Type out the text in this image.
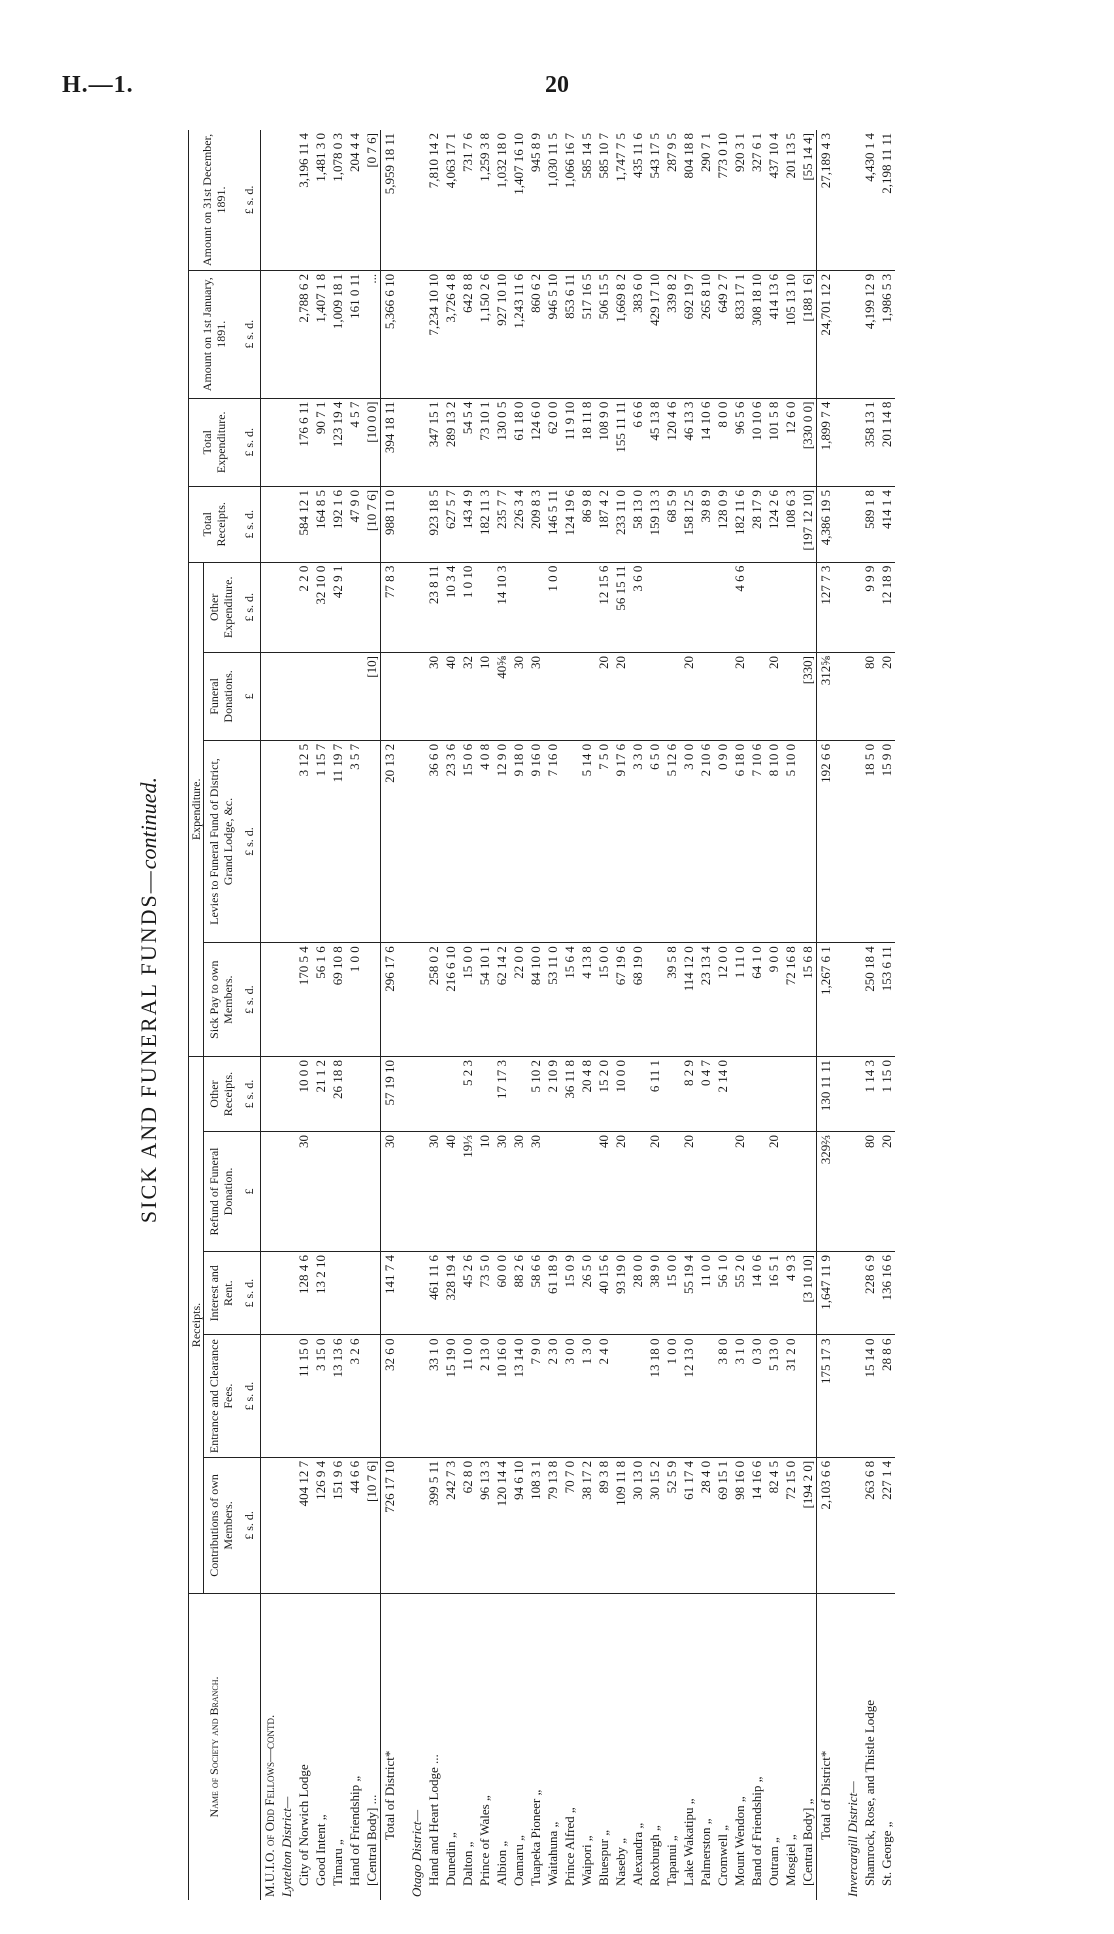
H.—1.	20
SICK AND FUNERAL FUNDS—continued.
Name of Society and Branch.	Receipts.					Expenditure.				Total Receipts.	Total Expenditure.	Amount on 1st January, 1891.	Amount on 31st December, 1891.
	Contributions of own Members.	Entrance and Clearance Fees.	Interest and Rent.	Refund of Funeral Donation.	Other Receipts.	Sick Pay to own Members.	Levies to Funeral Fund of District, Grand Lodge, &c.	Funeral Donations.	Other Expenditure.				
	£ s. d.	£ s. d.	£ s. d.	£	£ s. d.	£ s. d.	£ s. d.	£	£ s. d.	£ s. d.	£ s. d.	£ s. d.	£ s. d.
M.U.I.O. of Odd Fellows—contd.													
Lyttelton District—													
City of Norwich Lodge	404 12 7	11 15 0	128 4 6	30	10 0 0	170 5 4	3 12 5		2 2 0	584 12 1	176 6 11	2,788 6 2	3,196 11 4
Good Intent „	126 9 4	3 15 0	13 2 10		21 1 2	56 1 6	1 15 7		32 10 0	164 8 5	90 7 1	1,407 1 8	1,481 3 0
Timaru „	151 9 6	13 13 6			26 18 8	69 10 8	11 19 7		42 9 1	192 1 6	123 19 4	1,009 18 1	1,078 0 3
Hand of Friendship „	44 6 6	3 2 6				1 0 0	3 5 7			47 9 0	4 5 7	161 0 11	204 4 4
[Central Body] ...	[10 7 6]							[10]		[10 7 6]	[10 0 0]	...	[0 7 6]
Total of District*	726 17 10	32 6 0	141 7 4	30	57 19 10	296 17 6	20 13 2		77 8 3	988 11 0	394 18 11	5,366 6 10	5,959 18 11

Otago District—													
Hand and Heart Lodge ...	399 5 11	33 1 0	461 11 6	30		258 0 2	36 6 0	30	23 8 11	923 18 5	347 15 1	7,234 10 10	7,810 14 2
Dunedin „	242 7 3	15 19 0	328 19 4	40		216 6 10	23 3 6	40	10 3 4	627 5 7	289 13 2	3,726 4 8	4,063 17 1
Dalton „	62 8 0	11 0 0	45 2 6	19⅓	5 2 3	15 0 0	15 0 6	32	1 0 10	143 4 9	54 5 4	642 8 8	731 7 6
Prince of Wales „	96 13 3	2 13 0	73 5 0	10		54 10 1	4 0 8	10		182 11 3	73 10 1	1,150 2 6	1,259 3 8
Albion „	120 14 4	10 16 0	60 0 0	30	17 17 3	62 14 2	12 9 0	40⅝	14 10 3	235 7 7	130 0 5	927 10 10	1,032 18 0
Oamaru „	94 6 10	13 14 0	88 2 6	30		22 0 0	9 18 0	30		226 3 4	61 18 0	1,243 11 6	1,407 16 10
Tuapeka Pioneer „	108 3 1	7 9 0	58 6 6	30	5 10 2	84 10 0	9 16 0	30		209 8 3	124 6 0	860 6 2	945 8 9
Waitahuna „	79 13 8	2 3 0	61 18 9		2 10 9	53 11 0	7 16 0		1 0 0	146 5 11	62 0 0	946 5 10	1,030 11 5
Prince Alfred „	70 7 0	3 0 0	15 0 9		36 11 8	15 6 4				124 19 6	11 9 10	853 6 11	1,066 16 7
Waipori „	38 17 2	1 3 0	26 5 0		20 4 8	4 13 8	5 14 0			86 9 8	18 11 8	517 16 5	585 14 5
Bluespur „	89 3 8	2 4 0	40 15 6	40	15 2 0	15 0 0	7 5 0	20	12 15 6	187 4 2	108 9 0	506 15 5	585 10 7
Naseby „	109 11 8		93 19 0	20	10 0 0	67 19 6	9 17 6	20	56 15 11	233 11 0	155 11 11	1,669 8 2	1,747 7 5
Alexandra „	30 13 0		28 0 0			68 19 0	3 3 0		3 6 0	58 13 0	6 6 6	383 6 0	435 11 6
Roxburgh „	30 15 2	13 18 0	38 9 0	20	6 11 1		6 5 0			159 13 3	45 13 8	429 17 10	543 17 5
Tapanui „	52 5 9	1 0 0	15 0 0			39 5 8	5 12 6			68 5 9	120 4 6	339 8 2	287 9 5
Lake Wakatipu „	61 17 4	12 13 0	55 19 4	20	8 2 9	114 12 0	3 0 0	20		158 12 5	46 13 3	692 19 7	804 18 8
Palmerston „	28 4 0		11 0 0		0 4 7	23 13 4	2 10 6			39 8 9	14 10 6	265 8 10	290 7 1
Cromwell „	69 15 1	3 8 0	56 1 0		2 14 0	12 0 0	0 9 0			128 0 9	8 0 0	649 2 7	773 0 10
Mount Wendon „	98 16 0	3 1 0	55 2 0	20		1 11 0	6 18 0	20	4 6 6	182 11 6	96 5 6	833 17 1	920 3 1
Band of Friendship „	14 16 6	0 3 0	14 0 6			64 1 0	7 10 6			28 17 9	10 10 6	308 18 10	327 6 1
Outram „	82 4 5	5 13 0	16 5 1	20		9 0 0	8 10 0	20		124 2 6	101 5 8	414 13 6	437 10 4
Mosgiel „	72 15 0	31 2 0	4 9 3			72 16 8	5 10 0			108 6 3	12 6 0	105 13 10	201 13 5
[Central Body] „	[194 2 0]		[3 10 10]			15 6 8		[330]		[197 12 10]	[330 0 0]	[188 1 6]	[55 14 4]
Total of District*	2,103 6 6	175 17 3	1,647 11 9	329⅔	130 11 11	1,267 6 1	192 6 6	312⅝	127 7 3	4,386 19 5	1,899 7 4	24,701 12 2	27,189 4 3

Invercargill District—													
Shamrock, Rose, and Thistle Lodge	263 6 8	15 14 0	228 6 9	80	1 14 3	250 18 4	18 5 0	80	9 9 9	589 1 8	358 13 1	4,199 12 9	4,430 1 4
St. George „	227 1 4	28 8 6	136 16 6	20	1 15 0	153 6 11	15 9 0	20	12 18 9	414 1 4	201 14 8	1,986 5 3	2,198 11 11
